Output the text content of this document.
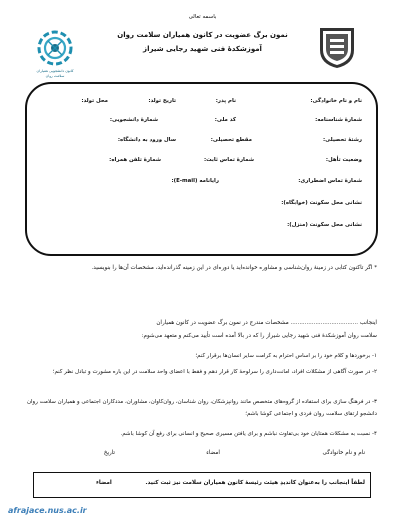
باسمه تعالی
نمون برگ عضویت در کانون همیاران سلامت روان
آموزشکدۀ فنی شهید رجایی شیراز
کانون دانشجویی همیاران
سلامت روان
نام و نام خانوادگی:
نام پدر:
تاریخ تولد:
محل تولد:
شمارۀ شناسنامه:
کد ملی:
شمارۀ دانشجویی:
رشتۀ تحصیلی:
مقطع تحصیلی:
سال ورود به دانشگاه:
وضعیت تأهل:
شمارۀ تماس ثابت:
شمارۀ تلفن همراه:
شمارۀ تماس اضطراری:
رایانامه (E-mail):
نشانی محل سکونت (خوابگاه):
نشانی محل سکونت (منزل):
* اگر تاکنون کتابی در زمینۀ روان‌شناسی و مشاوره خوانده‌اید یا دوره‌ای در این زمینه گذرانده‌اید، مشخصات آن‌ها را بنویسید.
اینجانب ...................................... مشخصات مندرج در نمون برگ عضویت در کانون همیاران
سلامت روان آموزشکدۀ فنی شهید رجایی شیراز را که در بالا آمده است تأیید می‌کنم و متعهد می‌شوم:
۱- برخوردها و کلام خود را بر اساس احترام به کرامت سایر انسان‌ها برقرار کنم؛
۲- در صورت آگاهی از مشکلات افراد، امانت‌داری را سرلوحۀ کار قرار دهم و فقط با اعضای واحد سلامت در این باره مشورت و تبادل نظر کنم؛
۳- در فرهنگ سازی برای استفاده از گروه‌های متخصص مانند روانپزشکان، روان شناسان، روان‌کاوان، مشاوران، مددکاران اجتماعی و همیاران سلامت روان دانشجو ارتقای سلامت روان فردی و اجتماعی کوشا باشم؛
۴- نسبت به مشکلات همتایان خود بی‌تفاوت نباشم و برای یافتن مسیری صحیح و انسانی برای رفع آن کوشا باشم.
نام و نام خانوادگی
امضاء
تاریخ
لطفاً اینجانب را به‌عنوان کاندیدِ هیئت رئیسۀ کانون همیاران سلامت نیز ثبت کنید.
امضاء
afrajace.nus.ac.ir
